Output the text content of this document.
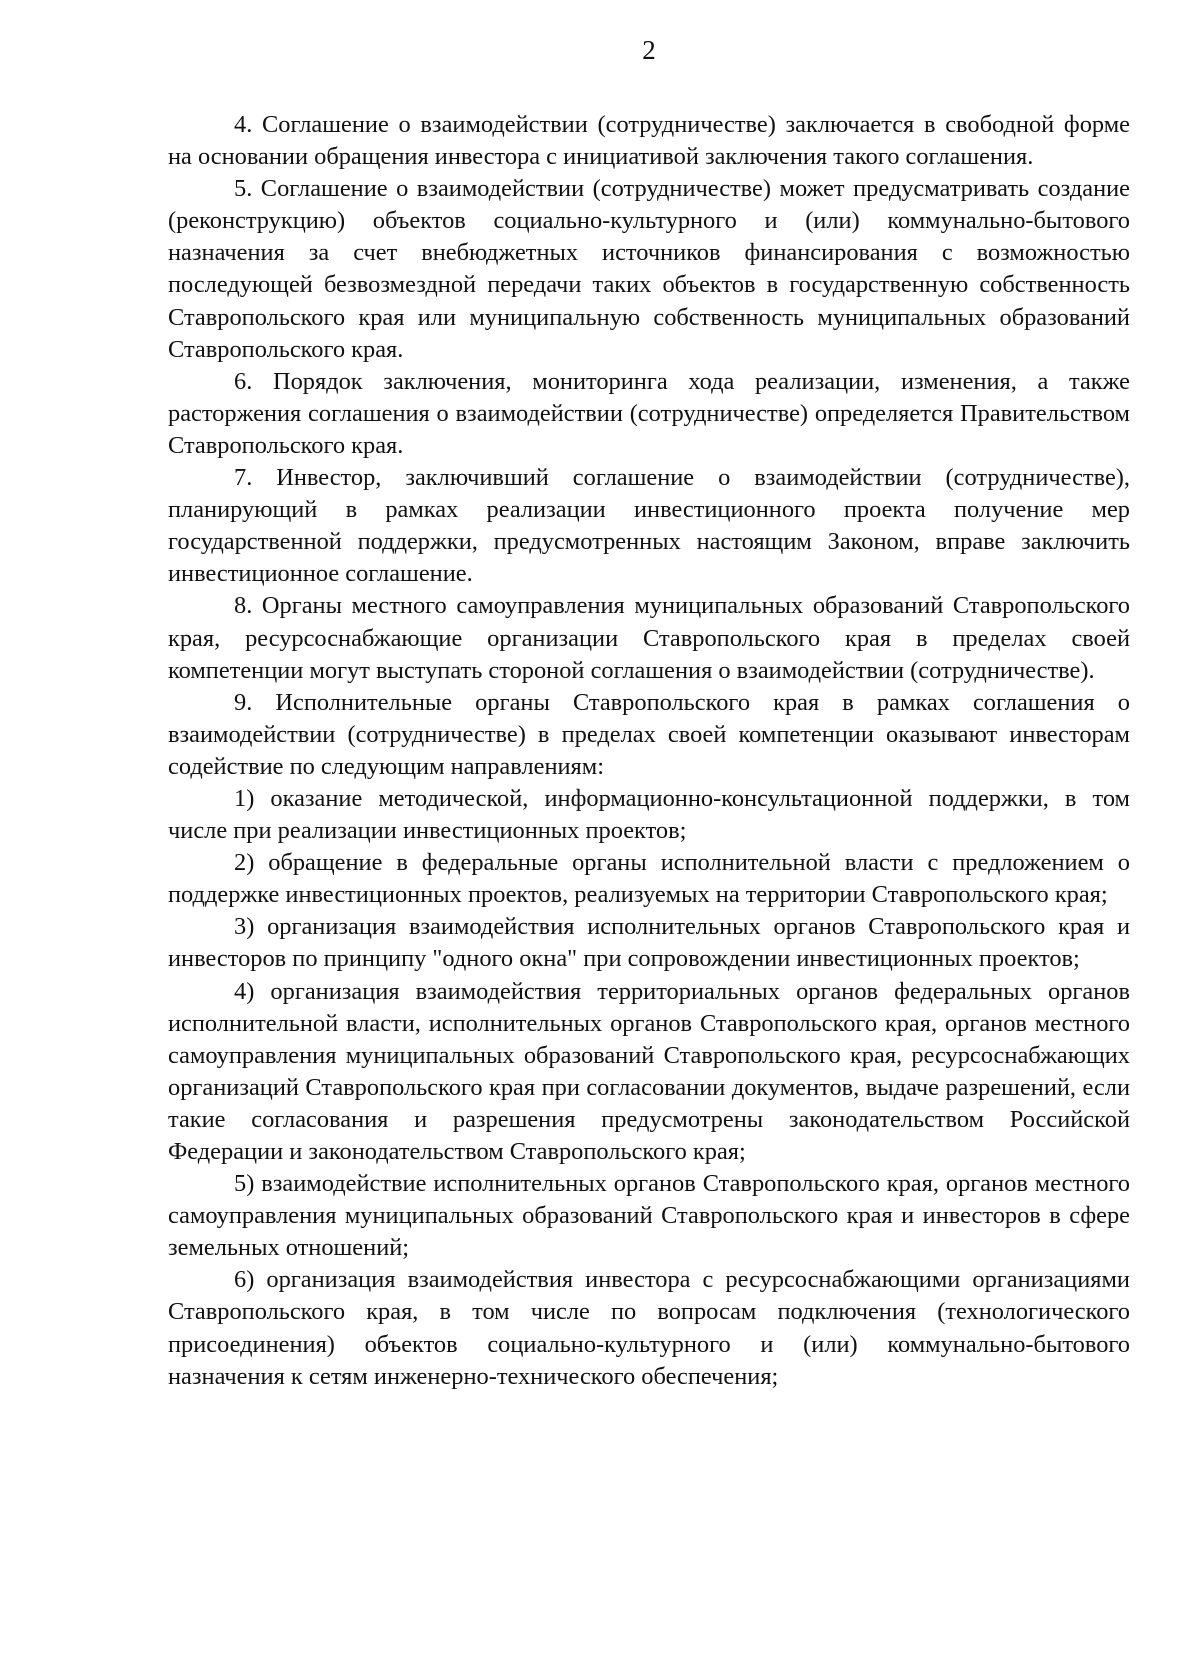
2

4. Соглашение о взаимодействии (сотрудничестве) заключается в свободной форме на основании обращения инвестора с инициативой заключения такого соглашения.

5. Соглашение о взаимодействии (сотрудничестве) может предусматривать создание (реконструкцию) объектов социально-культурного и (или) коммунально-бытового назначения за счет внебюджетных источников финансирования с возможностью последующей безвозмездной передачи таких объектов в государственную собственность Ставропольского края или муниципальную собственность муниципальных образований Ставропольского края.

6. Порядок заключения, мониторинга хода реализации, изменения, а также расторжения соглашения о взаимодействии (сотрудничестве) определяется Правительством Ставропольского края.

7. Инвестор, заключивший соглашение о взаимодействии (сотрудничестве), планирующий в рамках реализации инвестиционного проекта получение мер государственной поддержки, предусмотренных настоящим Законом, вправе заключить инвестиционное соглашение.

8. Органы местного самоуправления муниципальных образований Ставропольского края, ресурсоснабжающие организации Ставропольского края в пределах своей компетенции могут выступать стороной соглашения о взаимодействии (сотрудничестве).

9. Исполнительные органы Ставропольского края в рамках соглашения о взаимодействии (сотрудничестве) в пределах своей компетенции оказывают инвесторам содействие по следующим направлениям:

1) оказание методической, информационно-консультационной поддержки, в том числе при реализации инвестиционных проектов;

2) обращение в федеральные органы исполнительной власти с предложением о поддержке инвестиционных проектов, реализуемых на территории Ставропольского края;

3) организация взаимодействия исполнительных органов Ставропольского края и инвесторов по принципу "одного окна" при сопровождении инвестиционных проектов;

4) организация взаимодействия территориальных органов федеральных органов исполнительной власти, исполнительных органов Ставропольского края, органов местного самоуправления муниципальных образований Ставропольского края, ресурсоснабжающих организаций Ставропольского края при согласовании документов, выдаче разрешений, если такие согласования и разрешения предусмотрены законодательством Российской Федерации и законодательством Ставропольского края;

5) взаимодействие исполнительных органов Ставропольского края, органов местного самоуправления муниципальных образований Ставропольского края и инвесторов в сфере земельных отношений;

6) организация взаимодействия инвестора с ресурсоснабжающими организациями Ставропольского края, в том числе по вопросам подключения (технологического присоединения) объектов социально-культурного и (или) коммунально-бытового назначения к сетям инженерно-технического обеспечения;
